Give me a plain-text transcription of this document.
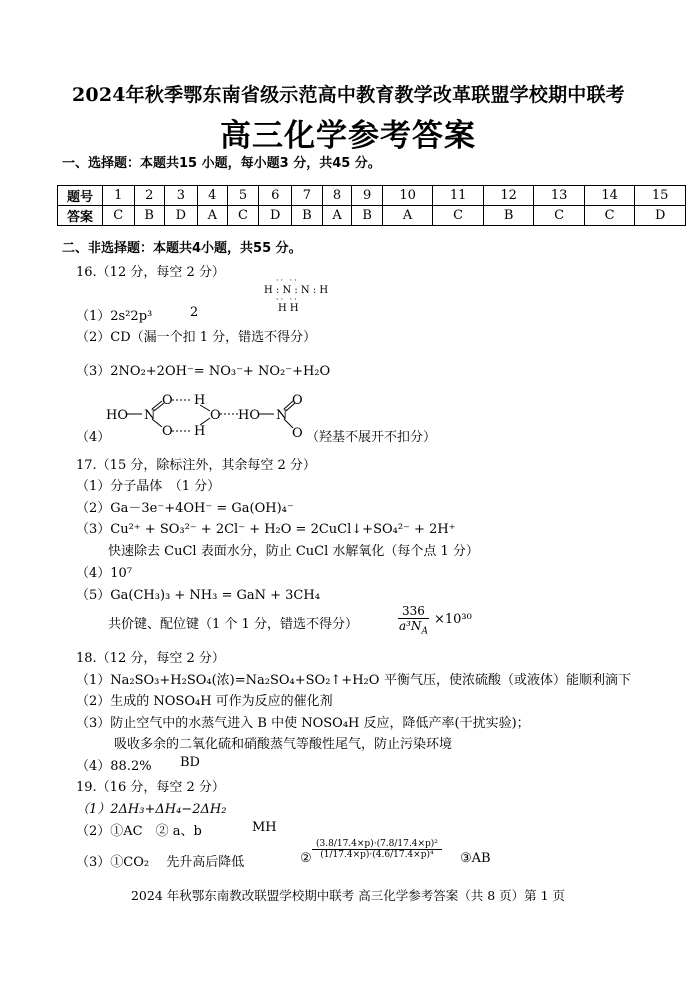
2024年秋季鄂东南省级示范高中教育教学改革联盟学校期中联考
高三化学参考答案
一、选择题：本题共15 小题，每小题3 分，共45 分。
题号	1	2	3	4	5	6	7	8	9	10	11	12	13	14	15
答案	C	B	D	A	C	D	B	A	B	A	C	B	C	C	D
二、非选择题：本题共4小题，共55 分。
16.（12 分，每空 2 分）
·· ··
H : N : N : H
·· ··
H H
（1）2s²2p³	2
（2）CD（漏一个扣 1 分，错选不得分）
（3）2NO₂+2OH⁻= NO₃⁻+ NO₂⁻+H₂O
（4）
HO N
O H
O H
O HO N
O
O （羟基不展开不扣分）
17.（15 分，除标注外，其余每空 2 分）
（1）分子晶体　（1 分）
（2）Ga－3e⁻+4OH⁻ = Ga(OH)₄⁻
（3）Cu²⁺ + SO₃²⁻ + 2Cl⁻ + H₂O = 2CuCl↓+SO₄²⁻ + 2H⁺
快速除去 CuCl 表面水分，防止 CuCl 水解氧化（每个点 1 分）
（4）10⁷
（5）Ga(CH₃)₃ + NH₃ = GaN + 3CH₄
共价键、配位键（1 个 1 分，错选不得分）	$\frac{336}{a^3N_A} \times 10^{30}$
18.（12 分，每空 2 分）
（1）Na₂SO₃+H₂SO₄(浓)=Na₂SO₄+SO₂↑+H₂O 平衡气压，使浓硫酸（或液体）能顺利滴下
（2）生成的 NOSO₄H 可作为反应的催化剂
（3）防止空气中的水蒸气进入 B 中使 NOSO₄H 反应，降低产率(干扰实验)；
吸收多余的二氧化硫和硝酸蒸气等酸性尾气，防止污染环境
（4）88.2% BD
19.（16 分，每空 2 分）
（1）2ΔH₃+ΔH₄−2ΔH₂
（2）①AC　② a、b	MH
（3）①CO₂　 先升高后降低	② $\frac{\text{(3.8/17.4×p)·(7.8/17.4×p)²}}{\text{(1/17.4×p)·(4.6/17.4×p)⁴}}$ ③AB
2024 年秋鄂东南教改联盟学校期中联考 高三化学参考答案（共 8 页）第 1 页
